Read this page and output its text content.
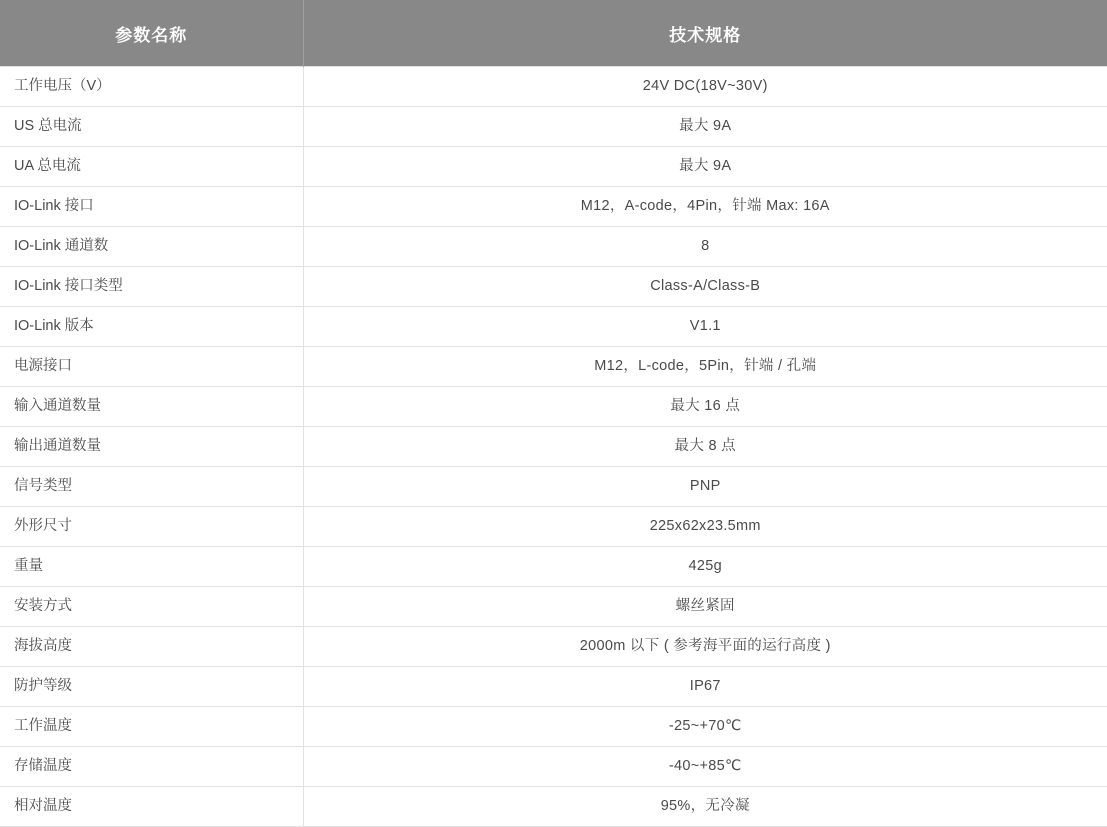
参数名称	技术规格
工作电压（V）	24V DC(18V~30V)
US 总电流	最大 9A
UA 总电流	最大 9A
IO-Link 接口	M12，A-code，4Pin，针端 Max: 16A
IO-Link 通道数	8
IO-Link 接口类型	Class-A/Class-B
IO-Link 版本	V1.1
电源接口	M12，L-code，5Pin，针端 / 孔端
输入通道数量	最大 16 点
输出通道数量	最大 8 点
信号类型	PNP
外形尺寸	225x62x23.5mm
重量	425g
安装方式	螺丝紧固
海拔高度	2000m 以下 ( 参考海平面的运行高度 )
防护等级	IP67
工作温度	-25~+70℃
存储温度	-40~+85℃
相对温度	95%，无冷凝
